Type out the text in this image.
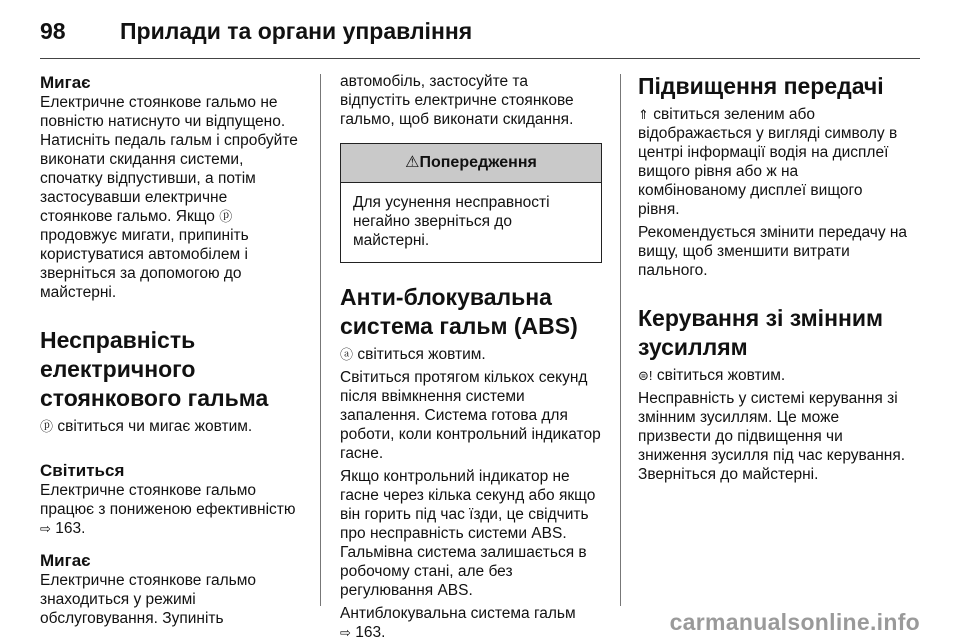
98 Прилади та органи управління

Мигає

Електричне стоянкове гальмо не повністю натиснуто чи відпущено. Натисніть педаль гальм і спробуйте виконати скидання системи, спочатку відпустивши, а потім застосувавши електричне стоянкове гальмо. Якщо ⓟ продовжує мигати, припиніть користуватися автомобілем і зверніться за допомогою до майстерні.

Несправність електричного стоянкового гальма

ⓟ світиться чи мигає жовтим.

Світиться

Електричне стоянкове гальмо працює з пониженою ефективністю ⇨ 163.

Мигає

Електричне стоянкове гальмо знаходиться у режимі обслуговування. Зупиніть

автомобіль, застосуйте та відпустіть електричне стоянкове гальмо, щоб виконати скидання.

⚠Попередження
Для усунення несправності негайно зверніться до майстерні.

Анти-блокувальна система гальм (ABS)

ⓐ світиться жовтим.

Світиться протягом кількох секунд після ввімкнення системи запалення. Система готова для роботи, коли контрольний індикатор гасне.

Якщо контрольний індикатор не гасне через кілька секунд або якщо він горить під час їзди, це свідчить про несправність системи ABS. Гальмівна система залишається в робочому стані, але без регулювання ABS.

Антиблокувальна система гальм
⇨ 163.

Підвищення передачі

⇑ світиться зеленим або відображається у вигляді символу в центрі інформації водія на дисплеї вищого рівня або ж на комбінованому дисплеї вищого рівня.

Рекомендується змінити передачу на вищу, щоб зменшити витрати пального.

Керування зі змінним зусиллям

⊜! світиться жовтим.

Несправність у системі керування зі змінним зусиллям. Це може призвести до підвищення чи зниження зусилля під час керування. Зверніться до майстерні.

carmanualsonline.info
